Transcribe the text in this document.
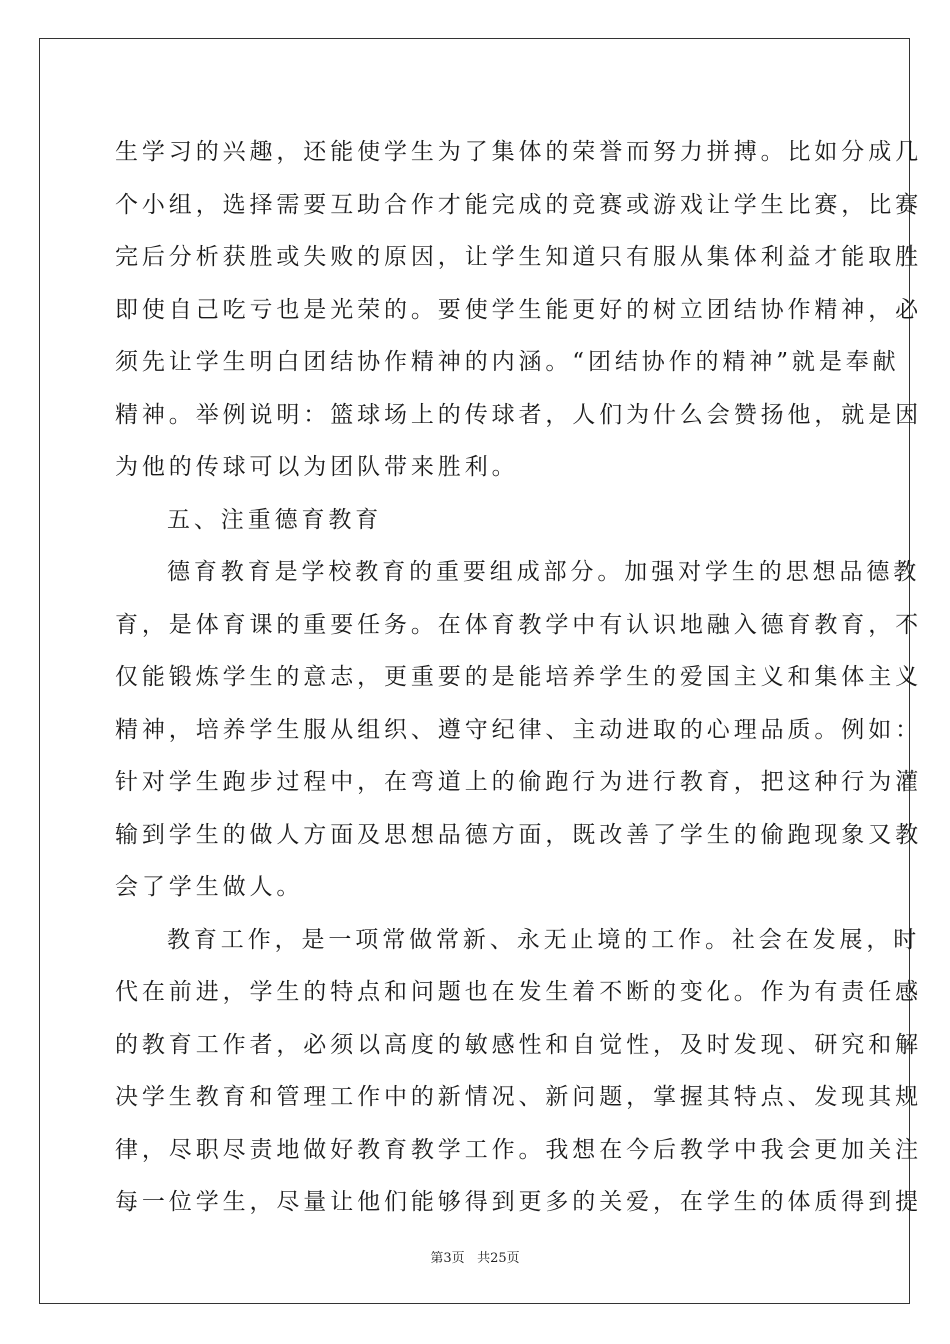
生学习的兴趣，还能使学生为了集体的荣誉而努力拼搏。比如分成几
个小组，选择需要互助合作才能完成的竞赛或游戏让学生比赛，比赛
完后分析获胜或失败的原因，让学生知道只有服从集体利益才能取胜
即使自己吃亏也是光荣的。要使学生能更好的树立团结协作精神，必
须先让学生明白团结协作精神的内涵。“团结协作的精神”就是奉献
精神。举例说明：篮球场上的传球者，人们为什么会赞扬他，就是因
为他的传球可以为团队带来胜利。
五、注重德育教育
德育教育是学校教育的重要组成部分。加强对学生的思想品德教
育，是体育课的重要任务。在体育教学中有认识地融入德育教育，不
仅能锻炼学生的意志，更重要的是能培养学生的爱国主义和集体主义
精神，培养学生服从组织、遵守纪律、主动进取的心理品质。例如：
针对学生跑步过程中，在弯道上的偷跑行为进行教育，把这种行为灌
输到学生的做人方面及思想品德方面，既改善了学生的偷跑现象又教
会了学生做人。
教育工作，是一项常做常新、永无止境的工作。社会在发展，时
代在前进，学生的特点和问题也在发生着不断的变化。作为有责任感
的教育工作者，必须以高度的敏感性和自觉性，及时发现、研究和解
决学生教育和管理工作中的新情况、新问题，掌握其特点、发现其规
律，尽职尽责地做好教育教学工作。我想在今后教学中我会更加关注
每一位学生，尽量让他们能够得到更多的关爱，在学生的体质得到提
第3页 共25页
